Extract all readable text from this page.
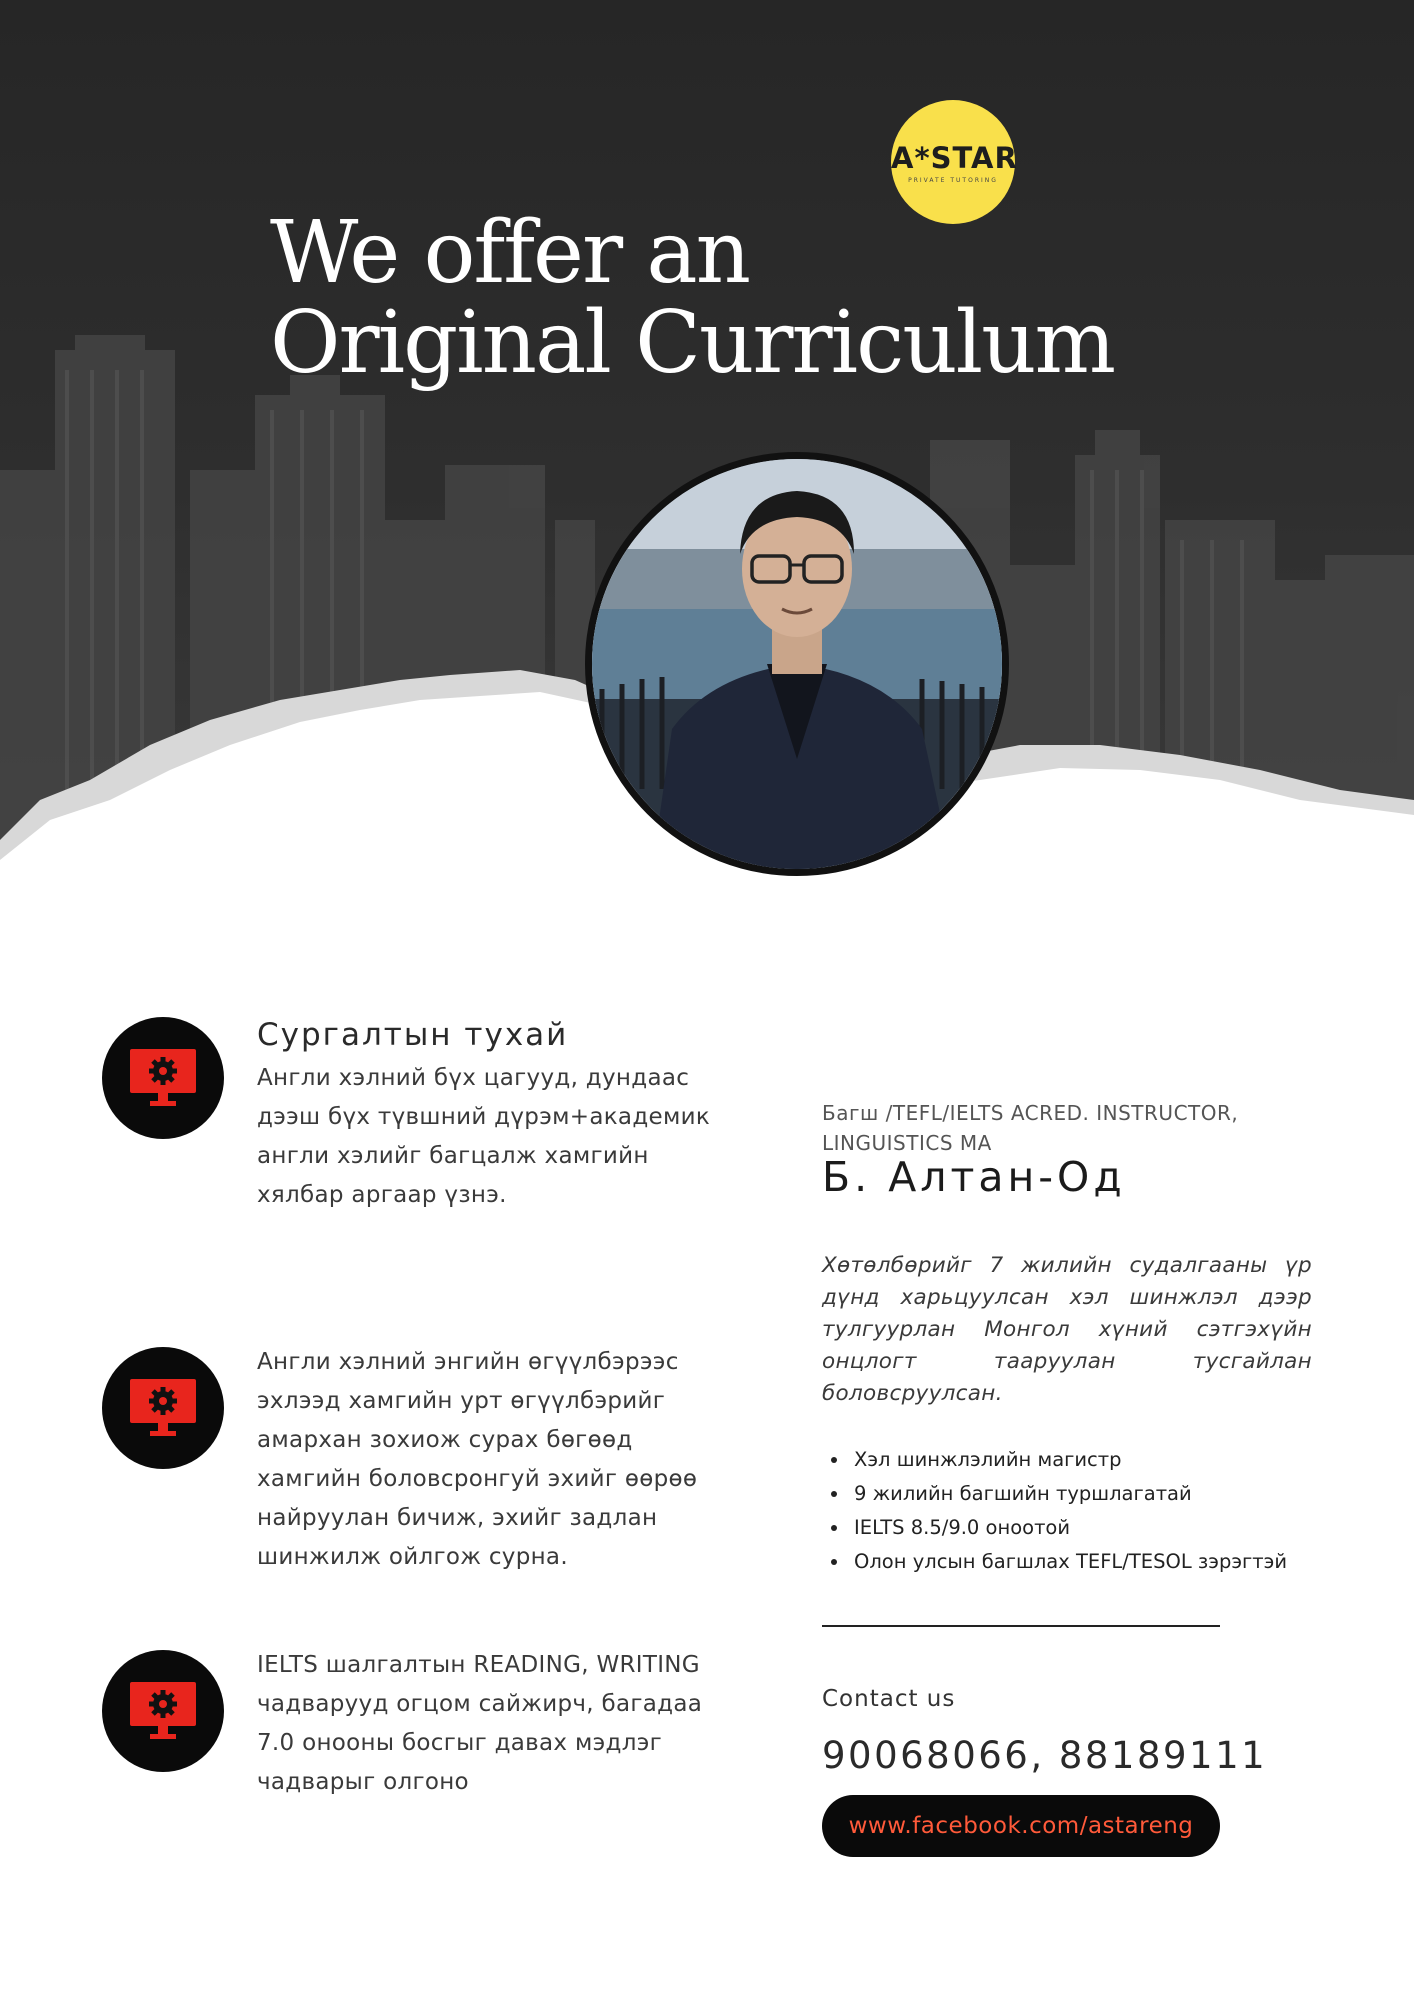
A*STAR
PRIVATE TUTORING
We offer an
Original Curriculum
Сургалтын тухай

Англи хэлний бүх цагууд, дундаас дээш бүх түвшний дүрэм+академик англи хэлийг багцалж хамгийн хялбар аргаар үзнэ.

Англи хэлний энгийн өгүүлбэрээс эхлээд хамгийн урт өгүүлбэрийг амархан зохиож сурах бөгөөд хамгийн боловсронгуй эхийг өөрөө найруулан бичиж, эхийг задлан шинжилж ойлгож сурна.

IELTS шалгалтын READING, WRITING чадварууд огцом сайжирч, багадаа 7.0 онооны босгыг давах мэдлэг чадварыг олгоно

Багш /TEFL/IELTS ACRED. INSTRUCTOR, LINGUISTICS MA
Б. Алтан-Од
Хөтөлбөрийг 7 жилийн судалгааны үр дүнд харьцуулсан хэл шинжлэл дээр тулгуурлан Монгол хүний сэтгэхүйн онцлогт тааруулан тусгайлан боловсруулсан.
• Хэл шинжлэлийн магистр
• 9 жилийн багшийн туршлагатай
• IELTS 8.5/9.0 оноотой
• Олон улсын багшлах TEFL/TESOL зэрэгтэй
Contact us
90068066, 88189111
www.facebook.com/astareng
